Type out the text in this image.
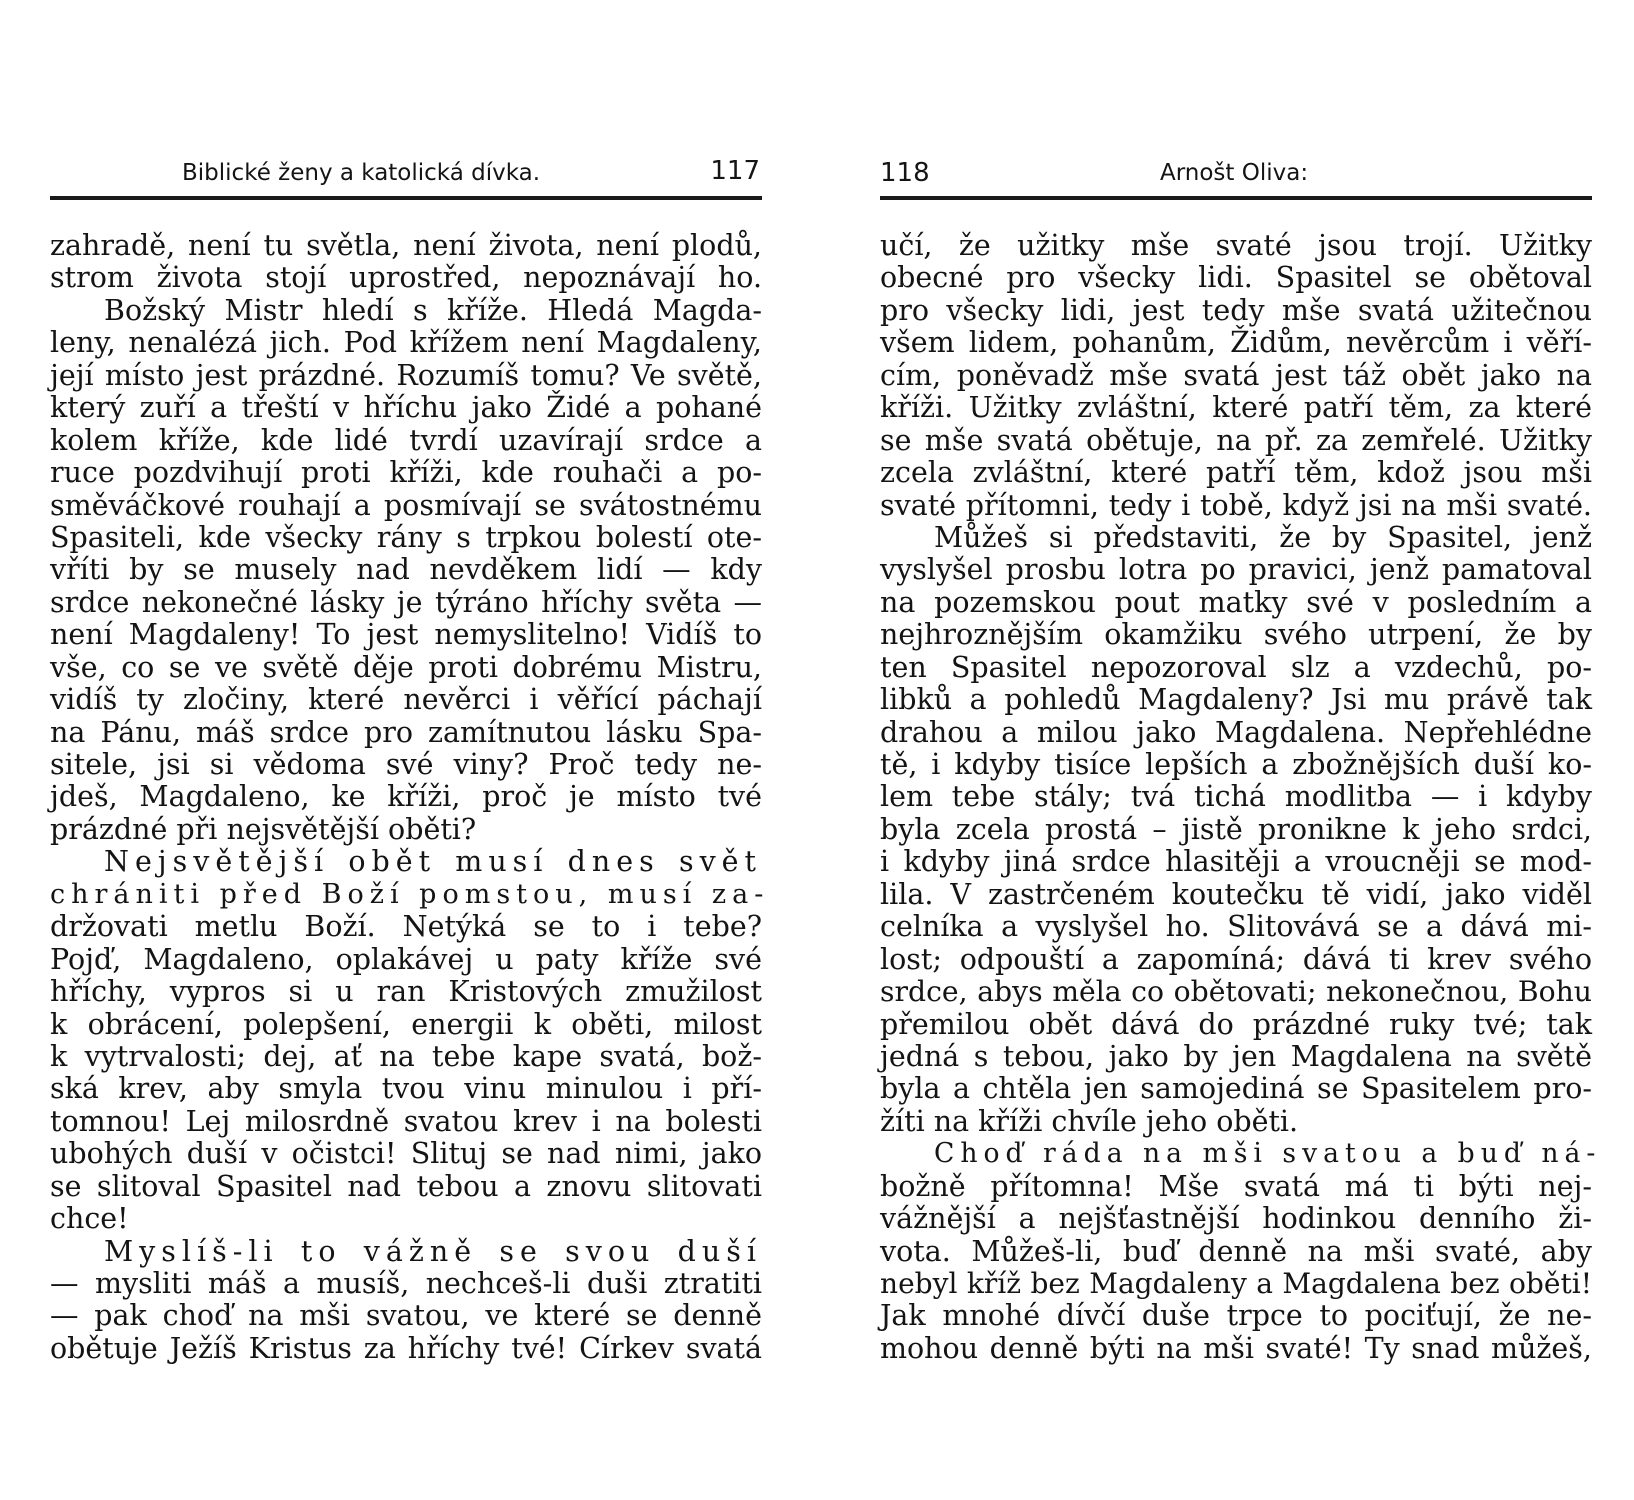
Biblické ženy a katolická dívka.	117
zahradě, není tu světla, není života, není plodů,
strom života stojí uprostřed, nepoznávají ho.
Božský Mistr hledí s kříže. Hledá Magda-
leny, nenalézá jich. Pod křížem není Magdaleny,
její místo jest prázdné. Rozumíš tomu? Ve světě,
který zuří a třeští v hříchu jako Židé a pohané
kolem kříže, kde lidé tvrdí uzavírají srdce a
ruce pozdvihují proti kříži, kde rouhači a po-
směváčkové rouhají a posmívají se svátostnému
Spasiteli, kde všecky rány s trpkou bolestí ote-
vříti by se musely nad nevděkem lidí — kdy
srdce nekonečné lásky je týráno hříchy světa —
není Magdaleny! To jest nemyslitelno! Vidíš to
vše, co se ve světě děje proti dobrému Mistru,
vidíš ty zločiny, které nevěrci i věřící páchají
na Pánu, máš srdce pro zamítnutou lásku Spa-
sitele, jsi si vědoma své viny? Proč tedy ne-
jdeš, Magdaleno, ke kříži, proč je místo tvé
prázdné při nejsvětější oběti?
Nejsvětější obět musí dnes svět
chrániti před Boží pomstou, musí za-
držovati metlu Boží. Netýká se to i tebe?
Pojď, Magdaleno, oplakávej u paty kříže své
hříchy, vypros si u ran Kristových zmužilost
k obrácení, polepšení, energii k oběti, milost
k vytrvalosti; dej, ať na tebe kape svatá, bož-
ská krev, aby smyla tvou vinu minulou i pří-
tomnou! Lej milosrdně svatou krev i na bolesti
ubohých duší v očistci! Slituj se nad nimi, jako
se slitoval Spasitel nad tebou a znovu slitovati
chce!
Myslíš-li to vážně se svou duší
— mysliti máš a musíš, nechceš-li duši ztratiti
— pak choď na mši svatou, ve které se denně
obětuje Ježíš Kristus za hříchy tvé! Církev svatá
118	Arnošt Oliva:
učí, že užitky mše svaté jsou trojí. Užitky
obecné pro všecky lidi. Spasitel se obětoval
pro všecky lidi, jest tedy mše svatá užitečnou
všem lidem, pohanům, Židům, nevěrcům i věří-
cím, poněvadž mše svatá jest táž obět jako na
kříži. Užitky zvláštní, které patří těm, za které
se mše svatá obětuje, na př. za zemřelé. Užitky
zcela zvláštní, které patří těm, kdož jsou mši
svaté přítomni, tedy i tobě, když jsi na mši svaté.
Můžeš si představiti, že by Spasitel, jenž
vyslyšel prosbu lotra po pravici, jenž pamatoval
na pozemskou pout matky své v posledním a
nejhroznějším okamžiku svého utrpení, že by
ten Spasitel nepozoroval slz a vzdechů, po-
libků a pohledů Magdaleny? Jsi mu právě tak
drahou a milou jako Magdalena. Nepřehlédne
tě, i kdyby tisíce lepších a zbožnějších duší ko-
lem tebe stály; tvá tichá modlitba — i kdyby
byla zcela prostá – jistě pronikne k jeho srdci,
i kdyby jiná srdce hlasitěji a vroucněji se mod-
lila. V zastrčeném koutečku tě vidí, jako viděl
celníka a vyslyšel ho. Slitovává se a dává mi-
lost; odpouští a zapomíná; dává ti krev svého
srdce, abys měla co obětovati; nekonečnou, Bohu
přemilou obět dává do prázdné ruky tvé; tak
jedná s tebou, jako by jen Magdalena na světě
byla a chtěla jen samojediná se Spasitelem pro-
žíti na kříži chvíle jeho oběti.
Choď ráda na mši svatou a buď ná-
božně přítomna! Mše svatá má ti býti nej-
vážnější a nejšťastnější hodinkou denního ži-
vota. Můžeš-li, buď denně na mši svaté, aby
nebyl kříž bez Magdaleny a Magdalena bez oběti!
Jak mnohé dívčí duše trpce to pociťují, že ne-
mohou denně býti na mši svaté! Ty snad můžeš,
